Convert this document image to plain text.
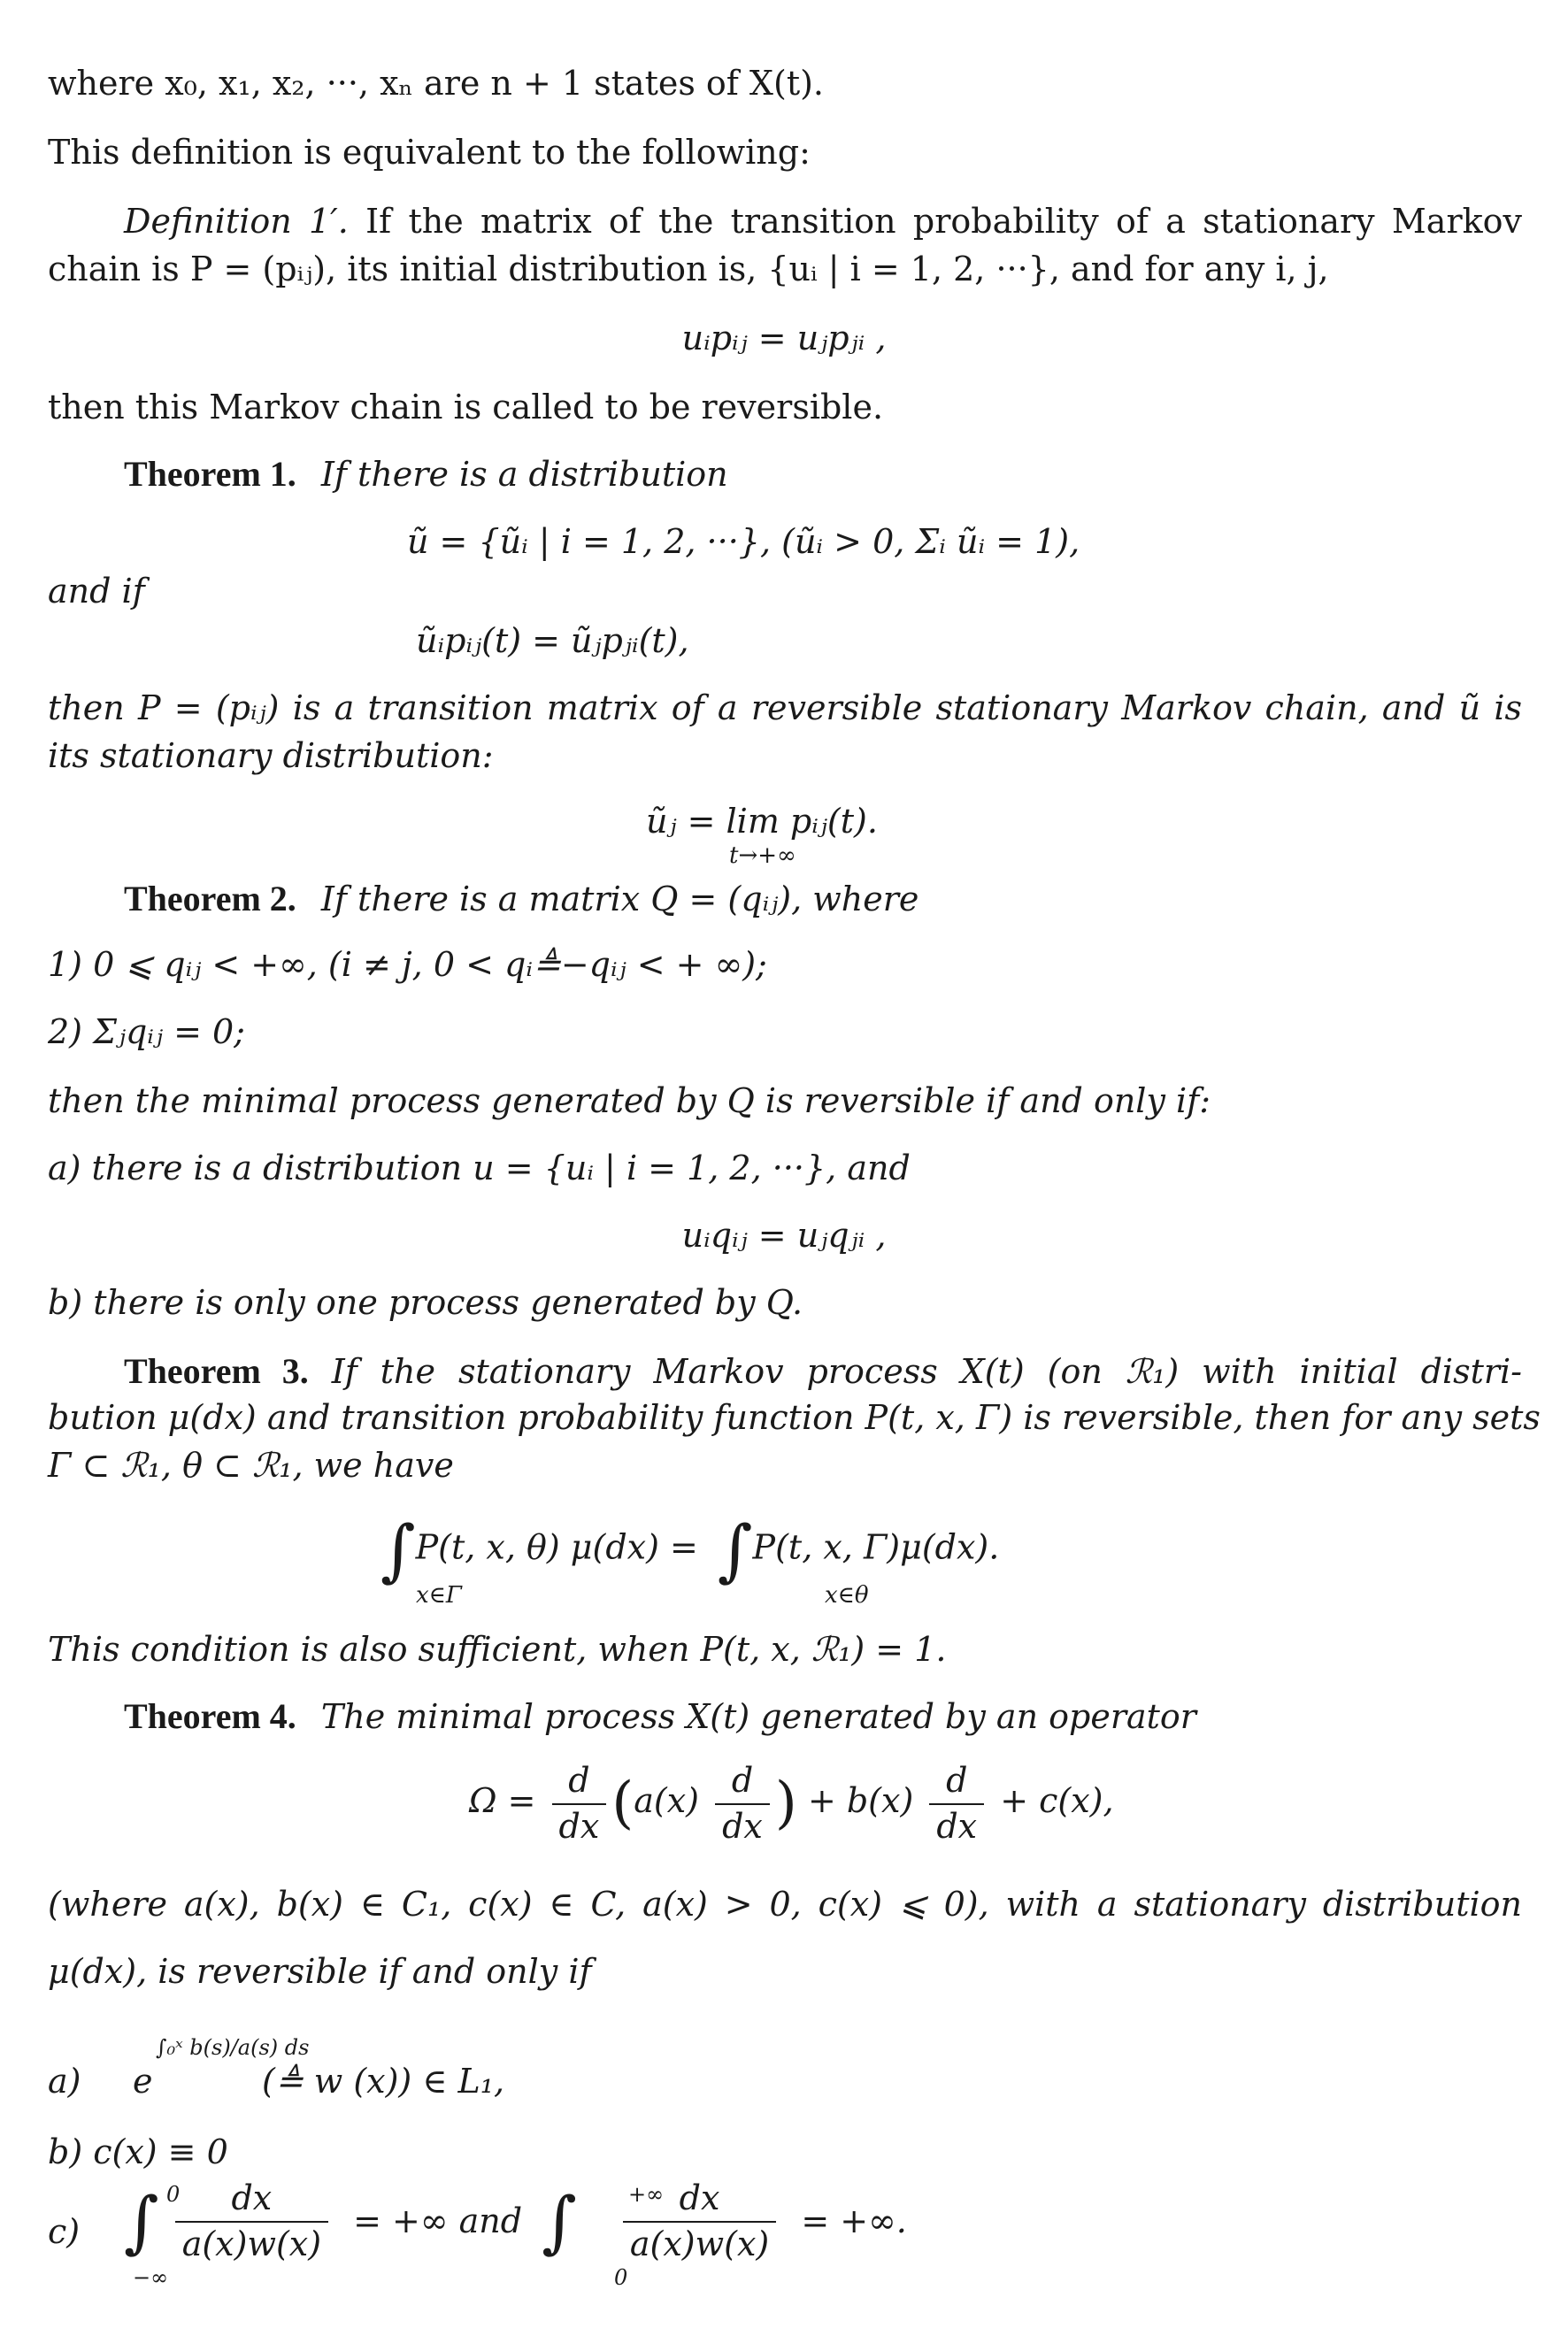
where x₀, x₁, x₂, ···, xₙ are n + 1 states of X(t).
This definition is equivalent to the following:
Definition 1′. If the matrix of the transition probability of a stationary Markov
chain is P = (pᵢⱼ), its initial distribution is, {uᵢ | i = 1, 2, ···}, and for any i, j,
uᵢpᵢⱼ = uⱼpⱼᵢ ,
then this Markov chain is called to be reversible.
Theorem 1. If there is a distribution
ũ = {ũᵢ | i = 1, 2, ···}, (ũᵢ > 0, Σᵢ ũᵢ = 1),
and if
ũᵢpᵢⱼ(t) = ũⱼpⱼᵢ(t),
then P = (pᵢⱼ) is a transition matrix of a reversible stationary Markov chain, and ũ is
its stationary distribution:
ũⱼ = lim pᵢⱼ(t).
t→+∞
Theorem 2. If there is a matrix Q = (qᵢⱼ), where
1) 0 ⩽ qᵢⱼ < +∞, (i ≠ j, 0 < qᵢ≜−qᵢⱼ < + ∞);
2) Σⱼqᵢⱼ = 0;
then the minimal process generated by Q is reversible if and only if:
a) there is a distribution u = {uᵢ | i = 1, 2, ···}, and
uᵢqᵢⱼ = uⱼqⱼᵢ ,
b) there is only one process generated by Q.
Theorem 3. If the stationary Markov process X(t) (on ℛ₁) with initial distri-
bution μ(dx) and transition probability function P(t, x, Γ) is reversible, then for any sets
Γ ⊂ ℛ₁, θ ⊂ ℛ₁, we have
∫P(t, x, θ) μ(dx) = ∫P(t, x, Γ)μ(dx).
x∈Γ	x∈θ
This condition is also sufficient, when P(t, x, ℛ₁) = 1.
Theorem 4. The minimal process X(t) generated by an operator
$\Omega = \frac{d}{dx} (a(x) \frac{d}{dx}$ ) + $b(x) \frac{d}{dx} + c(x)$,
(where a(x), b(x) ∈ C₁, c(x) ∈ C, a(x) > 0, c(x) ⩽ 0), with a stationary distribution
μ(dx), is reversible if and only if
a) e
∫₀ˣ b(s)/a(s) ds
(≜ w (x)) ∈ L₁,
b) c(x) ≡ 0
c) ∫ $\frac{dx}{a(x)w(x)}$ = +∞ and ∫ $\frac{dx}{a(x)w(x)}$ = +∞.
0
−∞
+∞
0
